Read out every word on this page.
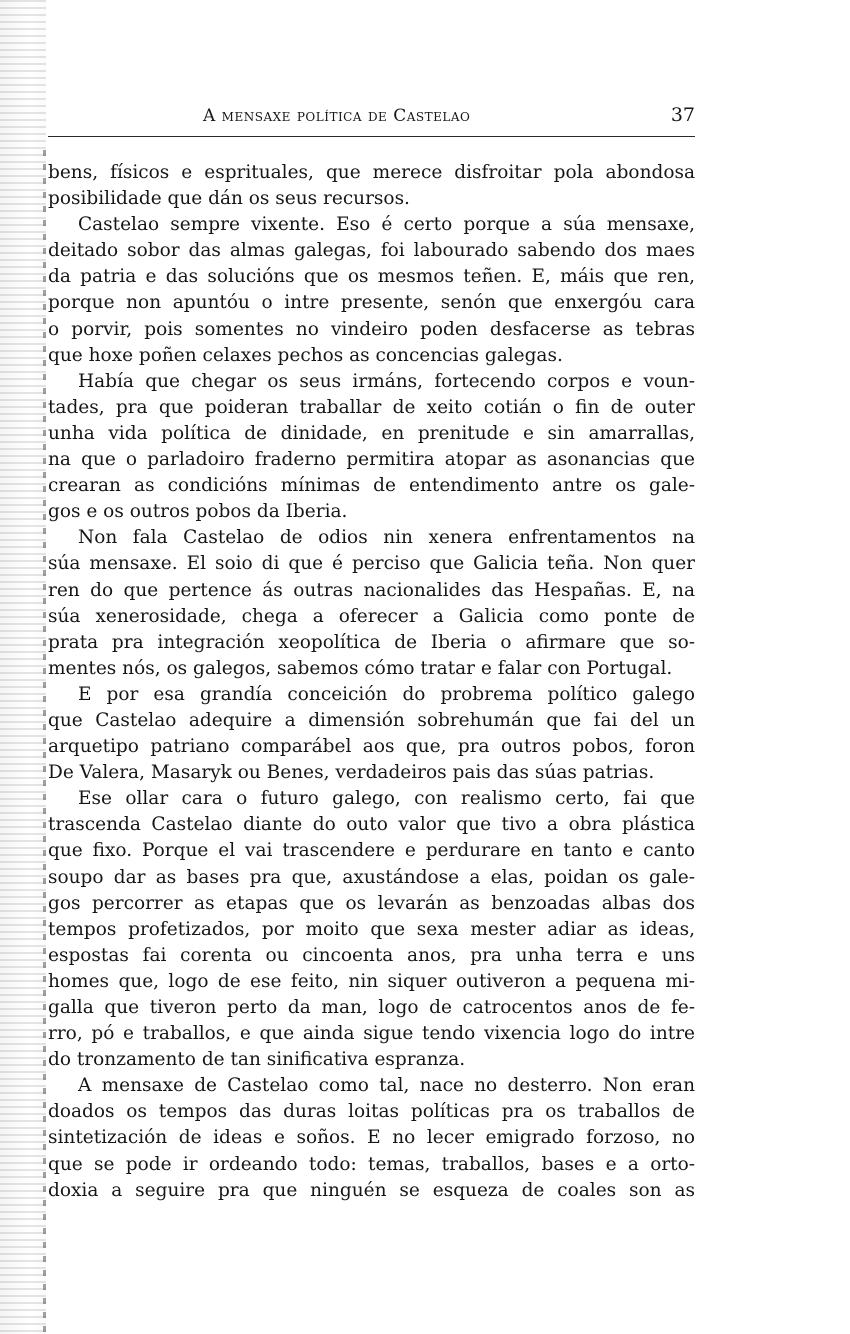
A mensaxe política de Castelao	37
bens, físicos e esprituales, que merece disfroitar pola abondosa
posibilidade que dán os seus recursos.
Castelao sempre vixente. Eso é certo porque a súa mensaxe,
deitado sobor das almas galegas, foi labourado sabendo dos maes
da patria e das solucións que os mesmos teñen. E, máis que ren,
porque non apuntóu o intre presente, senón que enxergóu cara
o porvir, pois somentes no vindeiro poden desfacerse as tebras
que hoxe poñen celaxes pechos as concencias galegas.
Había que chegar os seus irmáns, fortecendo corpos e voun-
tades, pra que poideran traballar de xeito cotián o fin de outer
unha vida política de dinidade, en prenitude e sin amarrallas,
na que o parladoiro fraderno permitira atopar as asonancias que
crearan as condicións mínimas de entendimento antre os gale-
gos e os outros pobos da Iberia.
Non fala Castelao de odios nin xenera enfrentamentos na
súa mensaxe. El soio di que é perciso que Galicia teña. Non quer
ren do que pertence ás outras nacionalides das Hespañas. E, na
súa xenerosidade, chega a oferecer a Galicia como ponte de
prata pra integración xeopolítica de Iberia o afirmare que so-
mentes nós, os galegos, sabemos cómo tratar e falar con Portugal.
E por esa grandía conceición do probrema político galego
que Castelao adequire a dimensión sobrehumán que fai del un
arquetipo patriano comparábel aos que, pra outros pobos, foron
De Valera, Masaryk ou Benes, verdadeiros pais das súas patrias.
Ese ollar cara o futuro galego, con realismo certo, fai que
trascenda Castelao diante do outo valor que tivo a obra plástica
que fixo. Porque el vai trascendere e perdurare en tanto e canto
soupo dar as bases pra que, axustándose a elas, poidan os gale-
gos percorrer as etapas que os levarán as benzoadas albas dos
tempos profetizados, por moito que sexa mester adiar as ideas,
espostas fai corenta ou cincoenta anos, pra unha terra e uns
homes que, logo de ese feito, nin siquer outiveron a pequena mi-
galla que tiveron perto da man, logo de catrocentos anos de fe-
rro, pó e traballos, e que ainda sigue tendo vixencia logo do intre
do tronzamento de tan sinificativa espranza.
A mensaxe de Castelao como tal, nace no desterro. Non eran
doados os tempos das duras loitas políticas pra os traballos de
sintetización de ideas e soños. E no lecer emigrado forzoso, no
que se pode ir ordeando todo: temas, traballos, bases e a orto-
doxia a seguire pra que ninguén se esqueza de coales son as
